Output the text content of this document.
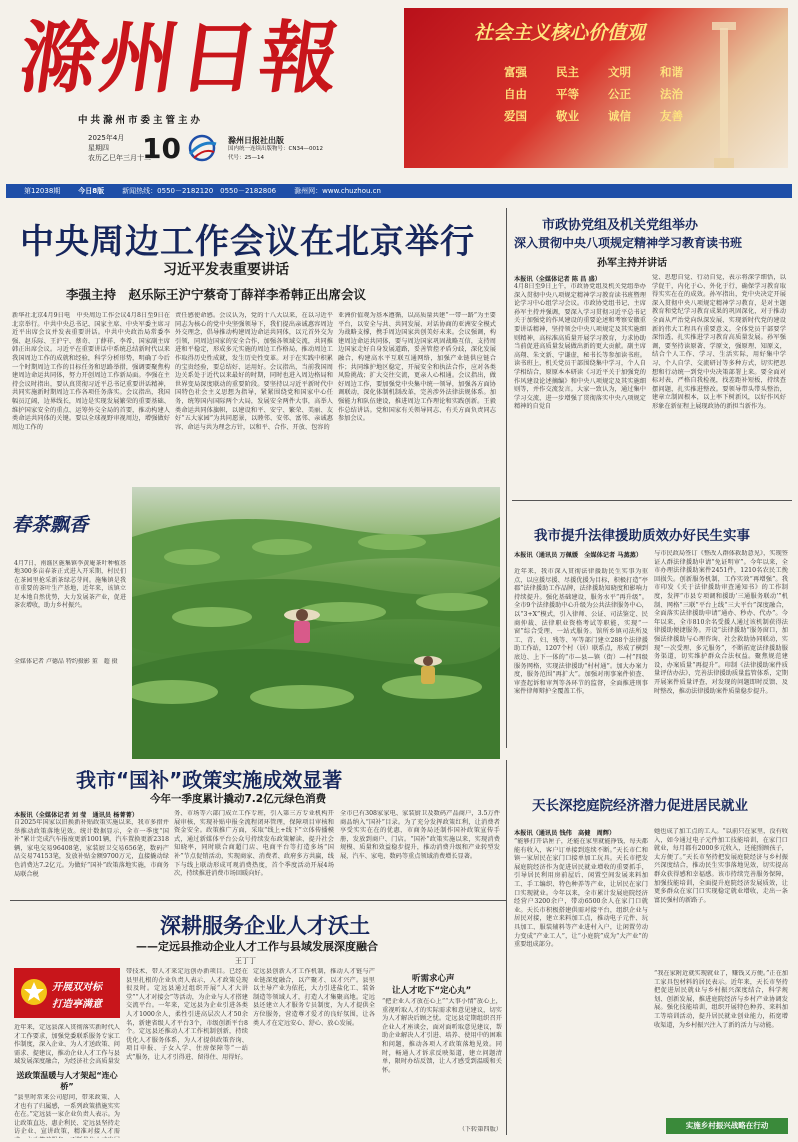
滁州日報
中共滁州市委主管主办
2025年4月
星期四
农历乙巳年三月十二
10	滁州日报社出版
国内统一连续出版物号：CN34—0012
代号：25—14
社会主义核心价值观
富强	民主	文明	和谐
自由	平等	公正	法治
爱国	敬业	诚信	友善
第12038期	今日8版	新闻热线：0550－2182120　0550－2182806	滁州网：www.chuzhou.cn
中央周边工作会议在北京举行
习近平发表重要讲话
李强主持　赵乐际王沪宁蔡奇丁薛祥李希韩正出席会议
新华社北京4月9日电　中央周边工作会议4月8日至9日在北京举行。中共中央总书记、国家主席、中央军委主席习近平出席会议并发表重要讲话。中共中央政治局常委李强、赵乐际、王沪宁、蔡奇、丁薛祥、李希、国家副主席韩正出席会议。习近平在重要讲话中系统总结新时代以来我国周边工作的成就和经验，科学分析形势，明确了今后一个时期周边工作的目标任务和思路举措，强调要聚焦构建周边命运共同体，努力开创周边工作新局面。李强在主持会议时指出，要认真贯彻习近平总书记重要讲话精神，共同实施新时期周边工作各项任务落实。会议指出，我国幅员辽阔，边界线长，周边是实现发展繁荣的重要基础、维护国家安全的重点、运筹外交全局的首要，推动构建人类命运共同体的关键。要以全球视野审视周边，增强做好周边工作的
责任感使命感。会议认为，党的十八大以来，在以习近平同志为核心的党中央坚强领导下，我们提出亲诚惠容周边外交理念，倡导推动构建周边命运共同体，以元首外交为引领，同周边国家的安全合作，加强各领域交流，共同推进和平稳定，形成多元实施的周边工作格局，推动周边工作取得历史性成就，发生历史性变革。对于在实践中积累的宝贵经验，要总结好、运用好。会议指出，当前我国周边关系处于近代以来最好的时期，同时也进入周边格局和世界变局深度联动的重要阶段。要坚持以习近平新时代中国特色社会主义思想为指导，紧紧围绕党和国家中心任务，统筹国内国际两个大局，发展安全两件大事，高举人类命运共同体旗帜，以建设和平、安宁、繁荣、美丽、友好“五大家园”为共同愿景，以睦邻、安邻、富邻、亲诚惠容、命运与共为理念方针，以和平、合作、开放、包容的
亚洲价值观为基本遵循，以高质量共建“一带一路”为主要平台，以安全与共、共同发展、对话协商的亚洲安全模式为战略支撑，携手周边国家共创美好未来。会议强调，构建周边命运共同体，要与周边国家巩固战略互信，支持周边国家走好自身发展道路，妥善管控矛盾分歧，深化发展融合，构建高水平互联互通网络，加强产业链供应链合作；共同维护地区稳定，开展安全和执法合作，应对各类风险挑战；扩大交往交流，更亲人心相通。会议指出，做好周边工作，要加强党中央集中统一领导，加强各方面协调联动，深化体制机制改革，完善涉外法律法规体系。加强能力和队伍建设，推进周边工作理论和实践创新。王毅作总结讲话。党和国家有关领导同志、有关方面负责同志参加会议。
市政协党组及机关党组举办
深入贯彻中央八项规定精神学习教育读书班
孙军主持并讲话
本报讯（全媒体记者 陈 昌 盛）
4月8日至9日上午，市政协党组及机关党组举办深入贯彻中央八项规定精神学习教育读书班暨理论学习中心组学习会议。市政协党组书记、主席孙军主持并强调，要深入学习贯彻习近平总书记关于加强党的作风建设的重要论述和考察安徽重要讲话精神，坚持领会中央八项规定及其实施细则精神，高标准高质量开展学习教育，力求协助当前促进高质量发展做出新的更大贡献。副主席高翔、朱文新、宁谦虚，秘书长等参加读书班。读书班上，机关党员干部围绕集中学习，个人自学相结合，原原本本研读《习近平关于加强党的作风建设论述摘编》和中央八项规定及其实施细则等，并作交流发言。大家一致认为，通过集中学习交流，进一步增强了贯彻落实中央八项规定精神的自觉自
觉、思想自觉、行动自觉，表示将深学细悟，以学促干，内化于心、外化于行，确保学习教育取得实实在在的成效。孙军指出，党中央决定开展深入贯彻中央八项规定精神学习教育，是对主题教育和党纪学习教育成果的巩固深化，对于推动全面从严治党向纵深发展、实现新时代党的建设新的伟大工程具有重要意义。全体党员干部要学深悟透，扎实推进学习教育高质量发展。孙军强调，要坚持读原著、学原文，强原理、知原义，结合个人工作、学习、生活实际，用好集中学习、个人自学、交流研讨等多种方式，切实把思想和行动统一到党中央决策部署上来。要全面对标对表，严格自我检视，找差距补短板，持续查摆问题，扎实推进整改。要领导带头带头整治，建章立制固根本，以上率下树新风，以好作风好形象在新征程上展现政协的新担当新作为。
春茶飘香
4月7日，南谯区施集镇李黄庵茶叶种植基地300多亩春茶正式进入开采期，村民们在茶园里抢采新茶绿芯芽间。施集镇是我市重要的茶叶生产基地，近年来，该镇立足本地自然优势，大力发展茶产业，促进茶农增收，助力乡村振兴。
全媒体记者 卢德品 特约摄影 董　超 摄
我市提升法律援助质效办好民生实事
本报讯（通讯员 万佩媛　全媒体记者 马蒸蒸）
近年来，我市深入贯彻法律援助民生实事为重点，以应援尽援、尽援优援为目标，积极打造“亭郡”法律援助工作品牌，法律援助知晓度和影响力持续提升。强化基础建设，服务水平“再升级”。全市9个法律援助中心升级为公共法律服务中心，以“3+X”模式，引入律师、公证、司法鉴定、民商仲裁、法律职业资格考试等职能，实现“一窗”综合受理、一站式服务。馆所乡镇司法所及工、青、妇、残等、军等部门建立288个法律援助工作站，1207个村（居）联系点，形成了横到底边、上下一体的“市—县—镇（街）—村”四级服务网格，实现法律援助“村村通”。加大办案力度，服务范围“再扩大”。加强对刑事案件侦查、审查起诉和审判等各环节的监督，全面推进刑事案件律师辩护全覆盖工作，
与市民政局签订《整改人群体救助意见》，实现签证人群法律援助申请“免证明审”。今年以来，全市办理法律援助案件2451件，1210名农民工挽回损失。创新服务机制，工作实效“再增强”。我市印发《关于法律援助审查通知书》的工作制度，发挥“市县专项调和援助‘三通服务联动’”机制、网格“三联”平台上线“三大平台”深度融合，全面落实法律援助申请“通办、秒办、代办”。今年以来，全市810余名受援人通过该机制获得法律援助便捷服务。开设“法律援助”服务窗口，加强法律援助与心理咨询、社会救助协同联动，实现“一次受理、多元服务”，不断拓宽法律援助服务渠道，切实维护群众合法权益。聚焦规范建设，办案质量“再提升”。印制《法律援助案件质量评估办法》，完善法律援助质量监管体系，定期开展案件质量评查，对发现的问题即时反馈、及时整改，推动法律援助案件质量稳步提升。
我市“国补”政策实施成效显著
今年一季度累计撬动7.2亿元绿色消费
本报讯（全媒体记者 刘 莹　通讯员 杨菁菁）
自2025年国家以旧换新补贴政策实施以来，我市多措并举推动政策落地见效。统计数据显示，全市一季度“国补”累计完成汽车报废更新1001辆，汽车置换更新2318辆，家电交易96408笔，家装厨卫交易656笔，数码产品交易74153笔，发放补贴金额9700万元，直接撬动绿色消费达7.2亿元。为做好“国补”政策落地实施，市商务局联合税
务、市场等六部门成立工作专班，引入第三方专业机构开展审核，实现补贴申报全流程闭环管理，保障项目审核和资金安全。政策推广方面，采取“线上+线下”立体传播模式，通过新媒体平台公众号持续发布政策解读、提升社会知晓率，同时联合商超门店、电商平台等打造多场“国补”节点促销活动，实现商家、消费者、政府多方共赢，线下与线上联动形成可观消费热度，首个季度活动开展4场次，持续推进消费市场回暖向好。
全市已有308家家电、家装厨卫及数码产品商户，3.5万件商品纳入“国补”目录。为了充分发挥政策红利，让消费者享受实实在在的优惠，市商务局还制作国补政策宣传手册，发放到商户、门店。“国补”政策实施以来，实现消费规模、质量和效益稳步提升，推动消费升级和产业转型发展，汽车、家电、数码等重点领域消费增长显著。
深耕服务企业人才沃土
——定远县推动企业人才工作与县域发展深度融合
王丁丁
开展双对标
打造亭满意
近年来，定远县深入贯彻落实新时代人才工作要求，加强党委联系服务专家工作制度，深入企业、为人才送政策、问需求、提建议，推动企业人才工作与县域发展深度融合，为经济社会高质量发
送政策温暖与人才架起“连心桥”
“县里时常来公司慰问，带来政策、人才也有了归属感，一系列政策措施实实在在。”定远县一家企业负责人表示。为让政策直达、惠企利民、定远县坚持走访企业、宣讲政策，精准对接人才需
带技术、带人才来定远创办新项目。已经在县里扎根的企业负责人表示，人才政策兑现很及时。定远县通过组织开展“人才大讲堂”“人才对接会”等活动，为企业与人才搭建交流平台。一年来，定远县为企业引进各类人才1000余人，柔性引进高层次人才50余名，新建省级人才平台3个，市级创新平台8个。定远县还推动人才工作机制创新，持续优化人才服务体系，为人才提供政策咨询、项目申报、子女入学、住房保障等“一站式”服务，让人才引得进、留得住、用得好。
定远县创新人才工作机制，推动人才链与产业链深度融合，以产聚才、以才兴产。县里以主导产业为依托，大力引进盐化工、装备制造等领域人才，打造人才集聚高地。定远县还建立人才服务专员制度，为人才提供全方位服务，营造尊才爱才的良好氛围，让各类人才在定远安心、舒心、放心发展。
听需求心声
让人才吃下“定心丸”
“把企业人才放在心上”“大事小情”放心上，重视听取人才的实际需求和意见建议，切实为人才解决后顾之忧。定远县定期组织召开企业人才座谈会，面对面听取意见建议，帮助企业解决人才引进、培养、使用中的困难和问题，推动各项人才政策落地见效。同时，畅通人才诉求反映渠道，建立问题清单，限时办结反馈，让人才感受到温暖和关怀。
（下转第四版）
天长深挖庭院经济潜力促进居民就业
本报讯（通讯员 钱伟　高健　周辉）
“能够打开话匣子，还能在家里就能挣钱，每天都能有收入，客户订单接到连续不断。”天长市仁和镇一家居民在家门口接单加工玩具。天长市把发展庭院经济作为促进居民就业增收的重要抓手，引导居民利用房前屋后、闲置空间发展来料加工、手工编织、特色种养等产业，让居民在家门口实现就业。今年以来，全市累计发展庭院经济经营户3200余户，带动6500余人在家门口就业。天长市积极搭建供需对接平台，组织企业与居民对接，建立来料加工点，推动电子元件、玩具加工、服装辅料等产业进村入户，让闲置劳动力变成“产业工人”，让“小庭院”成为“大产业”的重要组成部分。
她也成了加工点的工人。“以前只在家里，没有收入，如今通过电子元件加工技能培训，在家门口就业，每月都有2000多元收入，还能照顾孩子，太方便了。”天长市坚持把发展庭院经济与乡村振兴深度结合，推动民生实事落地见效，切实提高群众获得感和幸福感。该市持续完善服务保障，加强技能培训，全面提升庭院经济发展质效，让更多群众在家门口实现稳定就业增收，走出一条富民强村的新路子。
“我在家附近就实现就业了，赚钱又方便。”正在加工家具包材料的居民表示。近年来，天长市坚持把促进居民就业与乡村振兴深度结合，科学规划、创新发展，推进庭院经济与乡村产业协调发展。强化技能培训，组织开展特色种养、来料加工等培训活动，提升居民就业创业能力，拓宽增收渠道，为乡村振兴注入了新的活力与动能。
实施乡村振兴战略在行动
